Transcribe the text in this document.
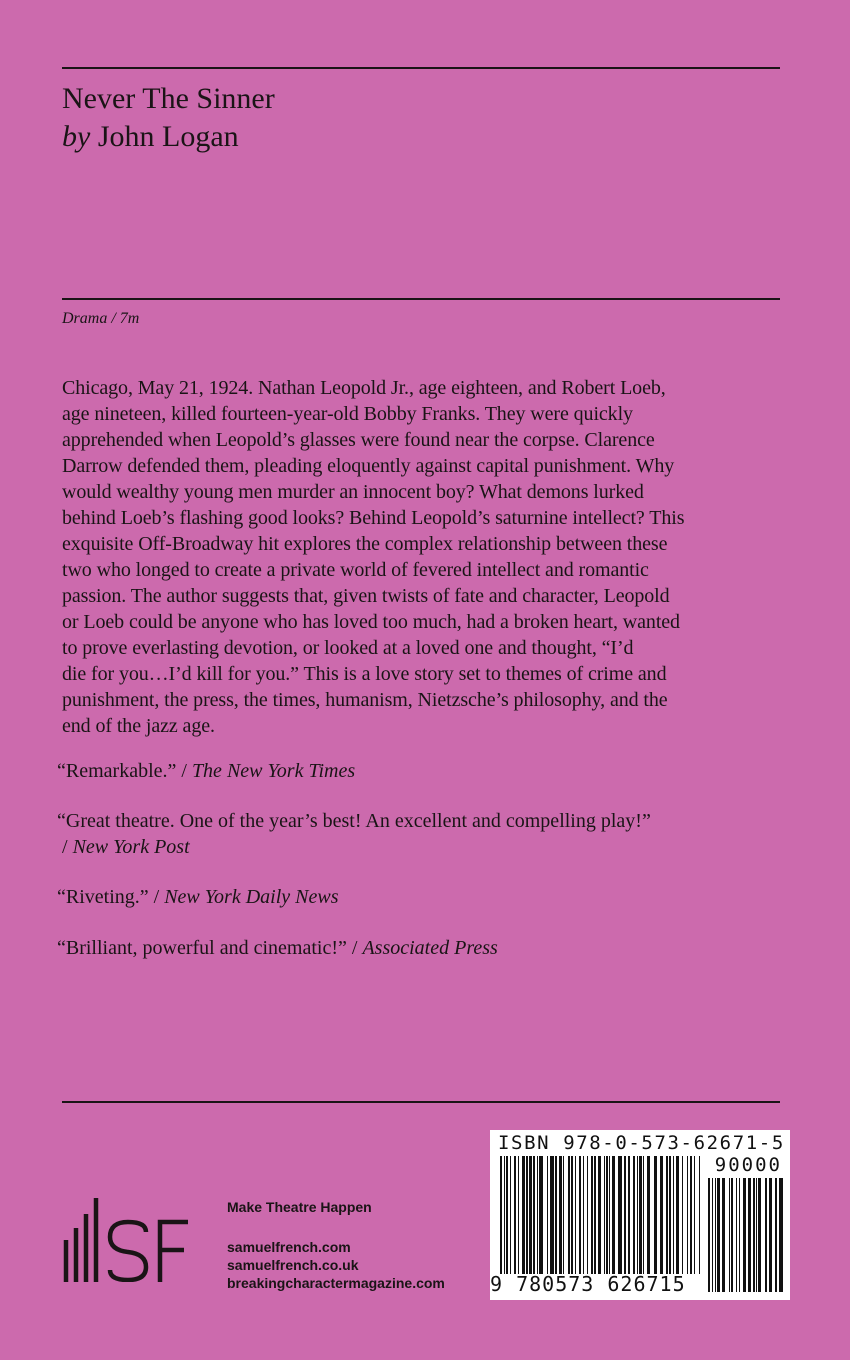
Never The Sinner
by John Logan
Drama / 7m
Chicago, May 21, 1924. Nathan Leopold Jr., age eighteen, and Robert Loeb,
age nineteen, killed fourteen-year-old Bobby Franks. They were quickly
apprehended when Leopold’s glasses were found near the corpse. Clarence
Darrow defended them, pleading eloquently against capital punishment. Why
would wealthy young men murder an innocent boy? What demons lurked
behind Loeb’s flashing good looks? Behind Leopold’s saturnine intellect? This
exquisite Off-Broadway hit explores the complex relationship between these
two who longed to create a private world of fevered intellect and romantic
passion. The author suggests that, given twists of fate and character, Leopold
or Loeb could be anyone who has loved too much, had a broken heart, wanted
to prove everlasting devotion, or looked at a loved one and thought, “I’d
die for you…I’d kill for you.” This is a love story set to themes of crime and
punishment, the press, the times, humanism, Nietzsche’s philosophy, and the
end of the jazz age.
“Remarkable.” / The New York Times
“Great theatre. One of the year’s best! An excellent and compelling play!”
/ New York Post
“Riveting.” / New York Daily News
“Brilliant, powerful and cinematic!” / Associated Press
Make Theatre Happen
samuelfrench.com
samuelfrench.co.uk
breakingcharactermagazine.com
ISBN 978-0-573-62671-5
90000
9 780573 626715
